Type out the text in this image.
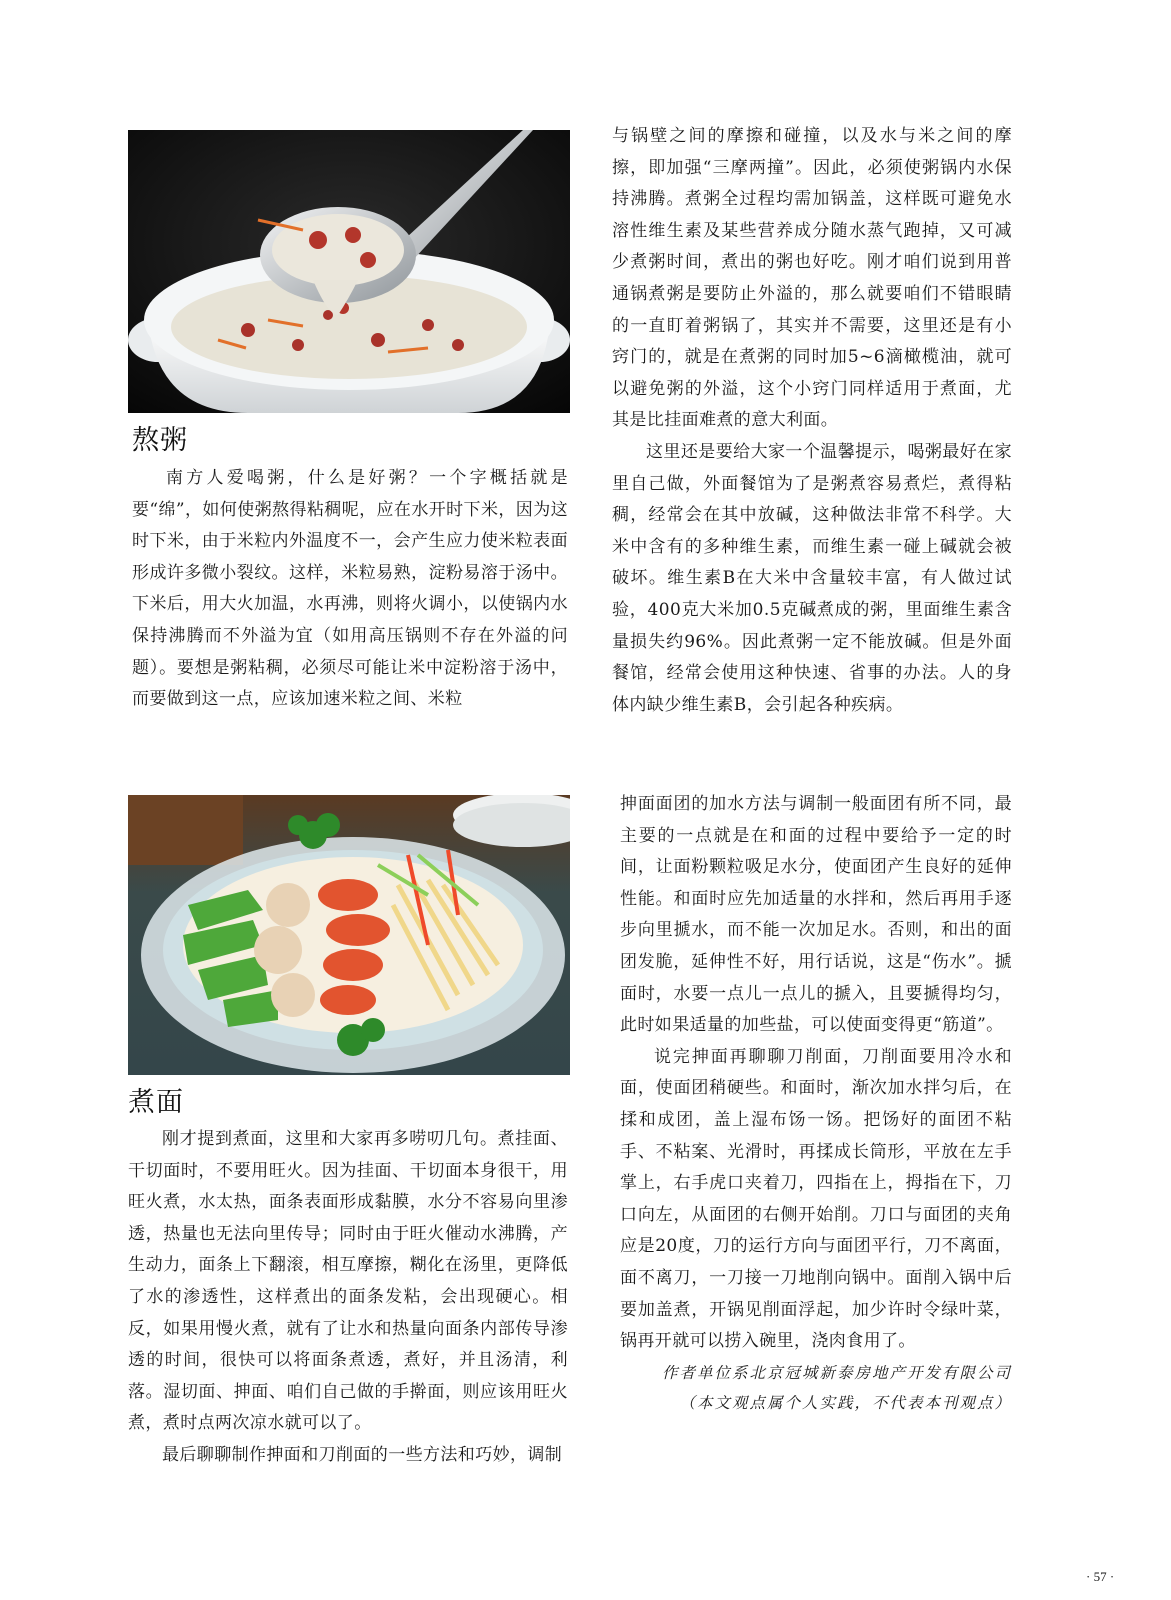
熬粥

南方人爱喝粥，什么是好粥？一个字概括就是要“绵”，如何使粥熬得粘稠呢，应在水开时下米，因为这时下米，由于米粒内外温度不一，会产生应力使米粒表面形成许多微小裂纹。这样，米粒易熟，淀粉易溶于汤中。下米后，用大火加温，水再沸，则将火调小，以使锅内水保持沸腾而不外溢为宜（如用高压锅则不存在外溢的问题）。要想是粥粘稠，必须尽可能让米中淀粉溶于汤中，而要做到这一点，应该加速米粒之间、米粒

与锅壁之间的摩擦和碰撞，以及水与米之间的摩擦，即加强“三摩两撞”。因此，必须使粥锅内水保持沸腾。煮粥全过程均需加锅盖，这样既可避免水溶性维生素及某些营养成分随水蒸气跑掉，又可减少煮粥时间，煮出的粥也好吃。刚才咱们说到用普通锅煮粥是要防止外溢的，那么就要咱们不错眼睛的一直盯着粥锅了，其实并不需要，这里还是有小窍门的，就是在煮粥的同时加5~6滴橄榄油，就可以避免粥的外溢，这个小窍门同样适用于煮面，尤其是比挂面难煮的意大利面。

这里还是要给大家一个温馨提示，喝粥最好在家里自己做，外面餐馆为了是粥煮容易煮烂，煮得粘稠，经常会在其中放碱，这种做法非常不科学。大米中含有的多种维生素，而维生素一碰上碱就会被破坏。维生素B在大米中含量较丰富，有人做过试验，400克大米加0.5克碱煮成的粥，里面维生素含量损失约96%。因此煮粥一定不能放碱。但是外面餐馆，经常会使用这种快速、省事的办法。人的身体内缺少维生素B，会引起各种疾病。

煮面

刚才提到煮面，这里和大家再多唠叨几句。煮挂面、干切面时，不要用旺火。因为挂面、干切面本身很干，用旺火煮，水太热，面条表面形成黏膜，水分不容易向里渗透，热量也无法向里传导；同时由于旺火催动水沸腾，产生动力，面条上下翻滚，相互摩擦，糊化在汤里，更降低了水的渗透性，这样煮出的面条发粘，会出现硬心。相反，如果用慢火煮，就有了让水和热量向面条内部传导渗透的时间，很快可以将面条煮透，煮好，并且汤清，利落。湿切面、抻面、咱们自己做的手擀面，则应该用旺火煮，煮时点两次凉水就可以了。

最后聊聊制作抻面和刀削面的一些方法和巧妙，调制

抻面面团的加水方法与调制一般面团有所不同，最主要的一点就是在和面的过程中要给予一定的时间，让面粉颗粒吸足水分，使面团产生良好的延伸性能。和面时应先加适量的水拌和，然后再用手逐步向里搋水，而不能一次加足水。否则，和出的面团发脆，延伸性不好，用行话说，这是“伤水”。搋面时，水要一点儿一点儿的搋入，且要搋得均匀，此时如果适量的加些盐，可以使面变得更“筋道”。

说完抻面再聊聊刀削面，刀削面要用冷水和面，使面团稍硬些。和面时，渐次加水拌匀后，在揉和成团，盖上湿布饧一饧。把饧好的面团不粘手、不粘案、光滑时，再揉成长筒形，平放在左手掌上，右手虎口夹着刀，四指在上，拇指在下，刀口向左，从面团的右侧开始削。刀口与面团的夹角应是20度，刀的运行方向与面团平行，刀不离面，面不离刀，一刀接一刀地削向锅中。面削入锅中后要加盖煮，开锅见削面浮起，加少许时令绿叶菜，锅再开就可以捞入碗里，浇肉食用了。

作者单位系北京冠城新泰房地产开发有限公司
（本文观点属个人实践，不代表本刊观点）
· 57 ·
